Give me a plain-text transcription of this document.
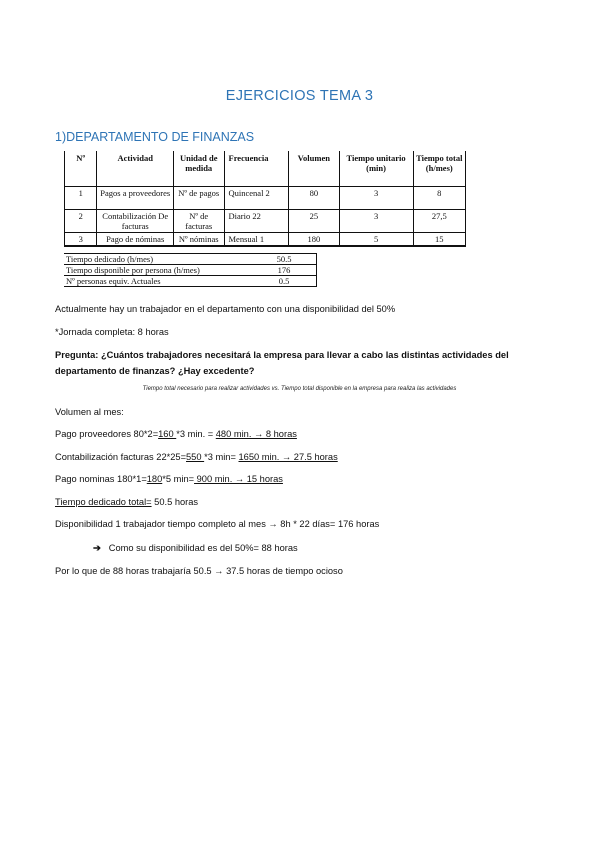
EJERCICIOS TEMA 3
1)DEPARTAMENTO DE FINANZAS
Nº	Actividad	Unidad de medida	Frecuencia	Volumen	Tiempo unitario (min)	Tiempo total (h/mes)
1	Pagos a proveedores	Nº de pagos	Quincenal 2	80	3	8
2	Contabilización De facturas	Nº de facturas	Diario 22	25	3	27,5
3	Pago de nóminas	Nº nóminas	Mensual 1	180	5	15
Tiempo dedicado (h/mes)	50.5
Tiempo disponible por persona (h/mes)	176
Nº personas equiv. Actuales	0.5
Actualmente hay un trabajador en el departamento con una disponibilidad del 50%
*Jornada completa: 8 horas
Pregunta: ¿Cuántos trabajadores necesitará la empresa para llevar a cabo las distintas actividades del
departamento de finanzas? ¿Hay excedente?
Tiempo total necesario para realizar actividades vs. Tiempo total disponible en la empresa para realiza las actividades
Volumen al mes:
Pago proveedores 80*2=160 *3 min. = 480 min. → 8 horas
Contabilización facturas 22*25=550 *3 min= 1650 min. → 27.5 horas
Pago nominas 180*1=180*5 min= 900 min. → 15 horas
Tiempo dedicado total= 50.5 horas
Disponibilidad 1 trabajador tiempo completo al mes → 8h * 22 días= 176 horas
➔ Como su disponibilidad es del 50%= 88 horas
Por lo que de 88 horas trabajaría 50.5 → 37.5 horas de tiempo ocioso
